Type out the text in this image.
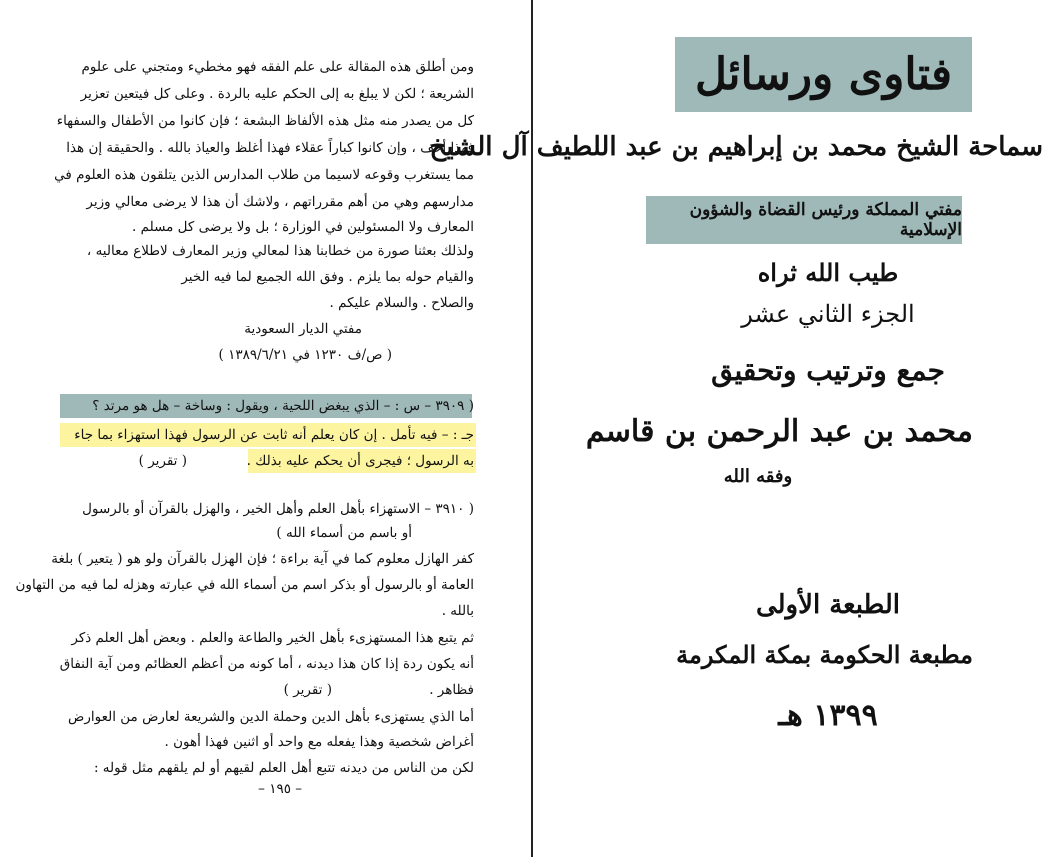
ومن أطلق هذه المقالة على علم الفقه فهو مخطيء ومتجني على علوم
الشريعة ؛ لكن لا يبلغ به إلى الحكم عليه بالردة . وعلى كل فيتعين تعزير
كل من يصدر منه مثل هذه الألفاظ البشعة ؛ فإن كانوا من الأطفال والسفهاء
فهذا أخف ، وإن كانوا كباراً عقلاء فهذا أغلظ والعياذ بالله . والحقيقة إن هذا
مما يستغرب وقوعه لاسيما من طلاب المدارس الذين يتلقون هذه العلوم في
مدارسهم وهي من أهم مقرراتهم ، ولاشك أن هذا لا يرضى معالي وزير
المعارف ولا المسئولين في الوزارة ؛ بل ولا يرضى كل مسلم .
ولذلك بعثنا صورة من خطابنا هذا لمعالي وزير المعارف لاطلاع معاليه ،
والقيام حوله بما يلزم . وفق الله الجميع لما فيه الخير
والصلاح . والسلام عليكم .
مفتي الديار السعودية
( ص/ف ١٢٣٠ في ١٣٨٩/٦/٢١ )
( ٣٩٠٩ – س : – الذي يبغض اللحية ، ويقول : وساخة – هل هو مرتد ؟
جـ : – فيه تأمل . إن كان يعلم أنه ثابت عن الرسول فهذا استهزاء بما جاء
به الرسول ؛ فيجرى أن يحكم عليه بذلك .
( تقرير )
( ٣٩١٠ – الاستهزاء بأهل العلم وأهل الخير ، والهزل بالقرآن أو بالرسول
أو باسم من أسماء الله )
كفر الهازل معلوم كما في آية براءة ؛ فإن الهزل بالقرآن ولو هو ( يتعير ) بلغة
العامة أو بالرسول أو بذكر اسم من أسماء الله في عبارته وهزله لما فيه من التهاون
بالله .
ثم يتبع هذا المستهزىء بأهل الخير والطاعة والعلم . وبعض أهل العلم ذكر
أنه يكون ردة إذا كان هذا ديدنه ، أما كونه من أعظم العظائم ومن آية النفاق
فظاهر .
( تقرير )
أما الذي يستهزىء بأهل الدين وحملة الدين والشريعة لعارض من العوارض
أغراض شخصية وهذا يفعله مع واحد أو اثنين فهذا أهون .
لكن من الناس من ديدنه تتبع أهل العلم لقيهم أو لم يلقهم مثل قوله :
– ١٩٥ –
فتاوى ورسائل
سماحة الشيخ محمد بن إبراهيم بن عبد اللطيف آل الشيخ
مفتي المملكة ورئيس القضاة والشؤون الإسلامية
طيب الله ثراه
الجزء الثاني عشر
جمع وترتيب وتحقيق
محمد بن عبد الرحمن بن قاسم
وفقه الله
الطبعة الأولى
مطبعة الحكومة بمكة المكرمة
١٣٩٩ هـ
